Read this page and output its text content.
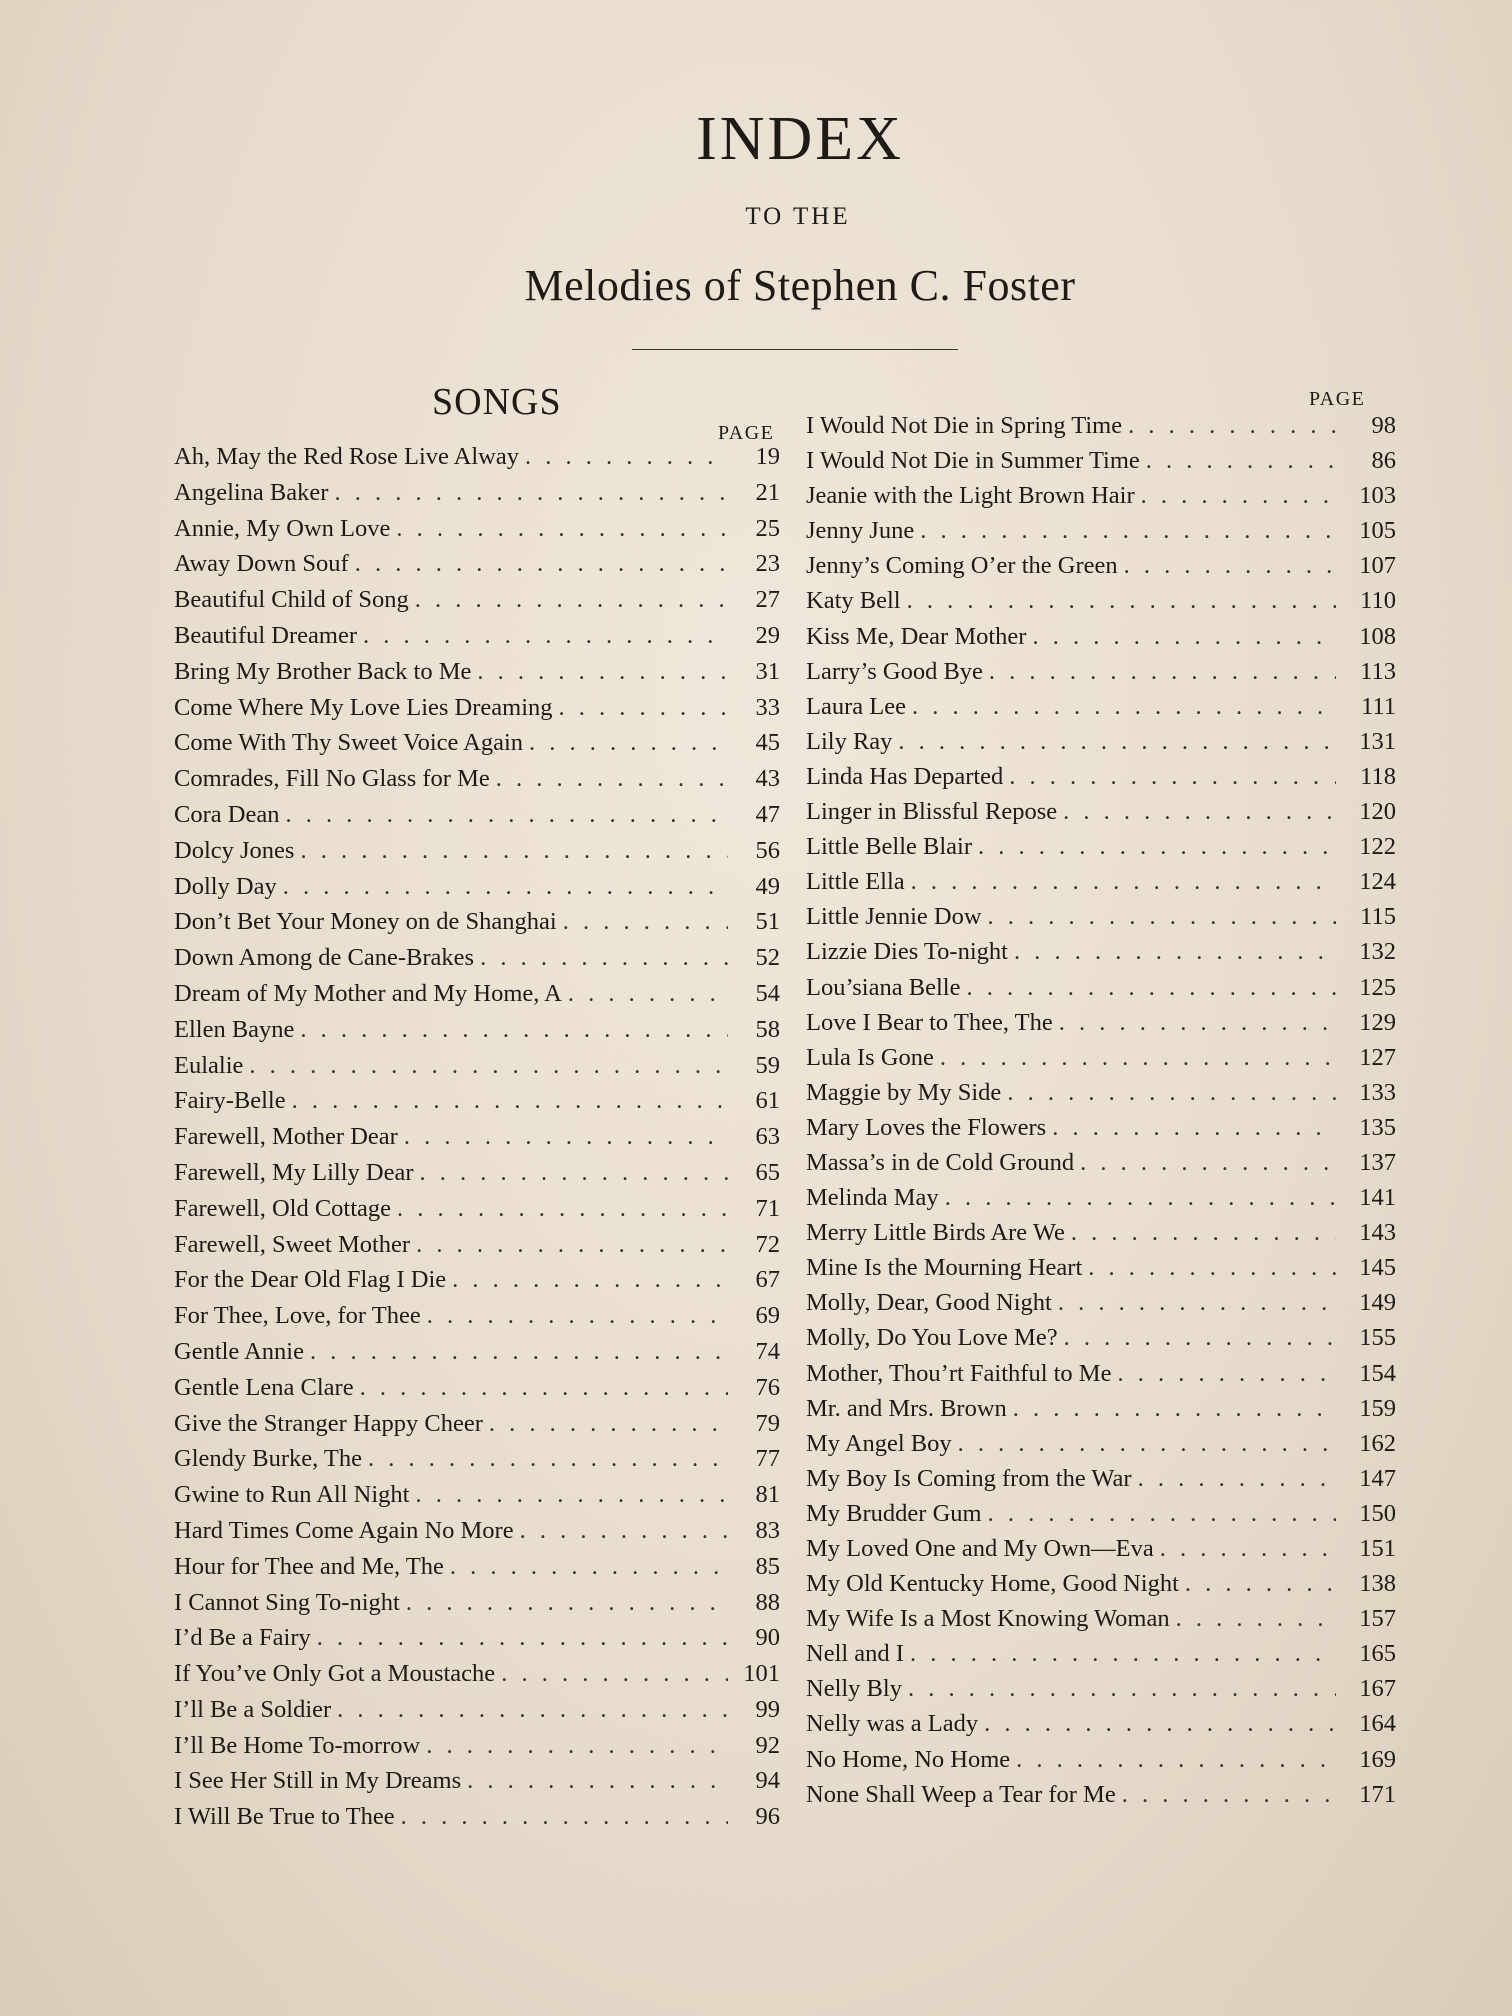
INDEX
TO THE
Melodies of Stephen C. Foster
SONGS
PAGE
PAGE
Ah, May the Red Rose Live Alway . . .	19
Angelina Baker . . .	21
Annie, My Own Love . . .	25
Away Down Souf . . .	23
Beautiful Child of Song . . .	27
Beautiful Dreamer . . .	29
Bring My Brother Back to Me . . .	31
Come Where My Love Lies Dreaming . . .	33
Come With Thy Sweet Voice Again . . .	45
Comrades, Fill No Glass for Me . . .	43
Cora Dean . . .	47
Dolcy Jones . . .	56
Dolly Day . . .	49
Don’t Bet Your Money on de Shanghai . . .	51
Down Among de Cane-Brakes . . .	52
Dream of My Mother and My Home, A . . .	54
Ellen Bayne . . .	58
Eulalie . . .	59
Fairy-Belle . . .	61
Farewell, Mother Dear . . .	63
Farewell, My Lilly Dear . . .	65
Farewell, Old Cottage . . .	71
Farewell, Sweet Mother . . .	72
For the Dear Old Flag I Die . . .	67
For Thee, Love, for Thee . . .	69
Gentle Annie . . .	74
Gentle Lena Clare . . .	76
Give the Stranger Happy Cheer . . .	79
Glendy Burke, The . . .	77
Gwine to Run All Night . . .	81
Hard Times Come Again No More . . .	83
Hour for Thee and Me, The . . .	85
I Cannot Sing To-night . . .	88
I’d Be a Fairy . . .	90
If You’ve Only Got a Moustache . . .	101
I’ll Be a Soldier . . .	99
I’ll Be Home To-morrow . . .	92
I See Her Still in My Dreams . . .	94
I Will Be True to Thee . . .	96
I Would Not Die in Spring Time . . .	98
I Would Not Die in Summer Time . . .	86
Jeanie with the Light Brown Hair . . .	103
Jenny June . . .	105
Jenny’s Coming O’er the Green . . .	107
Katy Bell . . .	110
Kiss Me, Dear Mother . . .	108
Larry’s Good Bye . . .	113
Laura Lee . . .	111
Lily Ray . . .	131
Linda Has Departed . . .	118
Linger in Blissful Repose . . .	120
Little Belle Blair . . .	122
Little Ella . . .	124
Little Jennie Dow . . .	115
Lizzie Dies To-night . . .	132
Lou’siana Belle . . .	125
Love I Bear to Thee, The . . .	129
Lula Is Gone . . .	127
Maggie by My Side . . .	133
Mary Loves the Flowers . . .	135
Massa’s in de Cold Ground . . .	137
Melinda May . . .	141
Merry Little Birds Are We . . .	143
Mine Is the Mourning Heart . . .	145
Molly, Dear, Good Night . . .	149
Molly, Do You Love Me? . . .	155
Mother, Thou’rt Faithful to Me . . .	154
Mr. and Mrs. Brown . . .	159
My Angel Boy . . .	162
My Boy Is Coming from the War . . .	147
My Brudder Gum . . .	150
My Loved One and My Own—Eva . . .	151
My Old Kentucky Home, Good Night . . .	138
My Wife Is a Most Knowing Woman . . .	157
Nell and I . . .	165
Nelly Bly . . .	167
Nelly was a Lady . . .	164
No Home, No Home . . .	169
None Shall Weep a Tear for Me . . .	171
